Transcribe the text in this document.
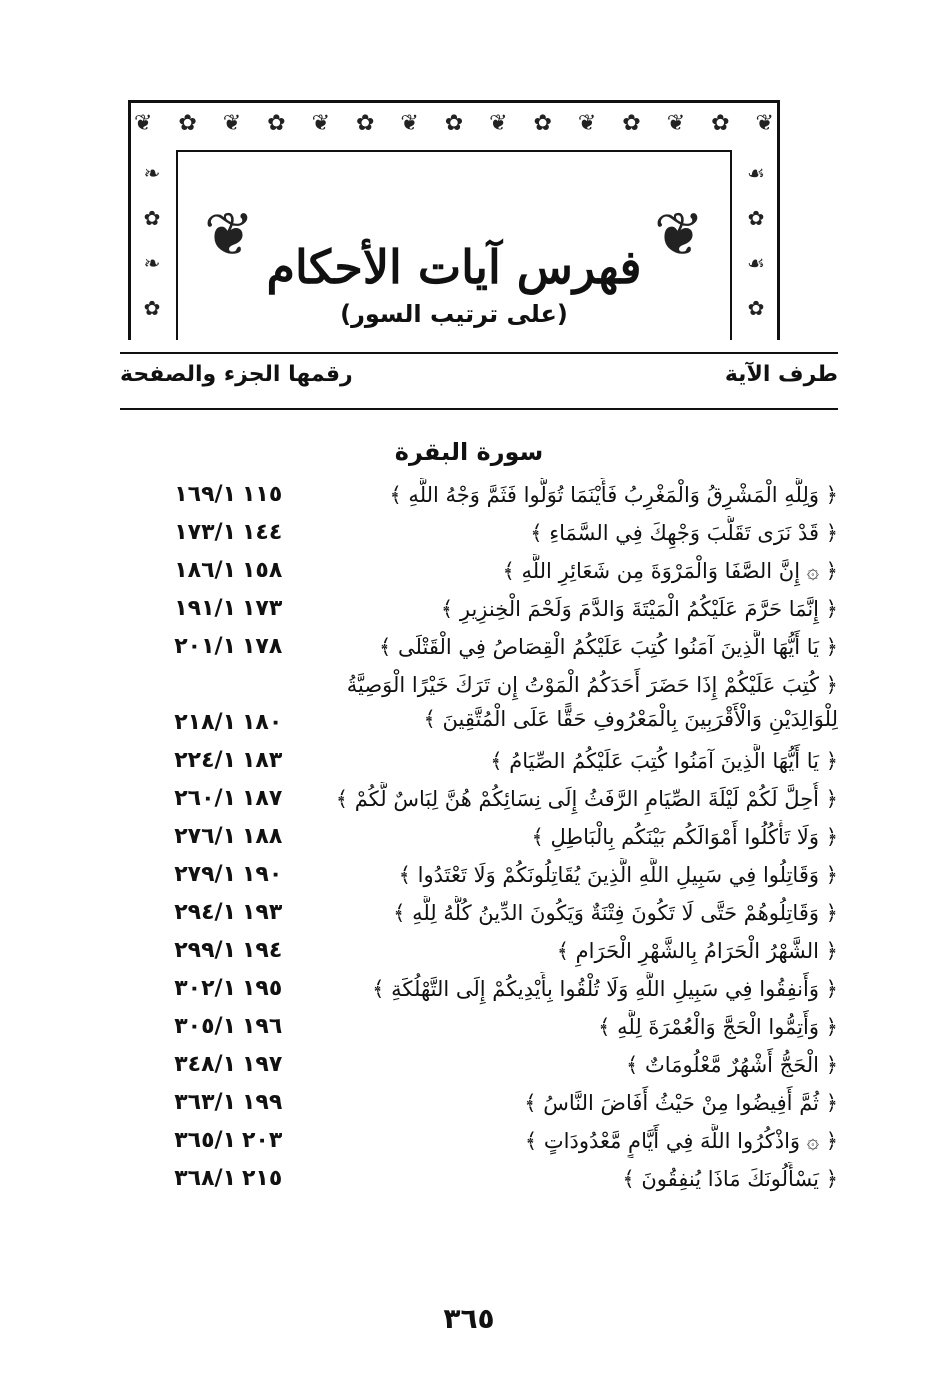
❦ ✿ ❦ ✿ ❦ ✿ ❦ ✿ ❦ ✿ ❦ ✿ ❦ ✿ ❦
❧
✿
❧
✿
☙
✿
☙
✿
❦	❦
فهرس آيات الأحكام
(على ترتيب السور)
طرف الآية
رقمها الجزء والصفحة
سورة البقرة
﴿ وَلِلَّهِ الْمَشْرِقُ وَالْمَغْرِبُ فَأَيْنَمَا تُوَلُّوا فَثَمَّ وَجْهُ اللَّهِ ﴾
١١٥
١٦٩/١
﴿ قَدْ نَرَى تَقَلُّبَ وَجْهِكَ فِي السَّمَاءِ ﴾
١٤٤
١٧٣/١
﴿ ۞ إِنَّ الصَّفَا وَالْمَرْوَةَ مِن شَعَائِرِ اللَّهِ ﴾
١٥٨
١٨٦/١
﴿ إِنَّمَا حَرَّمَ عَلَيْكُمُ الْمَيْتَةَ وَالدَّمَ وَلَحْمَ الْخِنزِيرِ ﴾
١٧٣
١٩١/١
﴿ يَا أَيُّهَا الَّذِينَ آمَنُوا كُتِبَ عَلَيْكُمُ الْقِصَاصُ فِي الْقَتْلَى ﴾
١٧٨
٢٠١/١
﴿ كُتِبَ عَلَيْكُمْ إِذَا حَضَرَ أَحَدَكُمُ الْمَوْتُ إِن تَرَكَ خَيْرًا الْوَصِيَّةُ لِلْوَالِدَيْنِ وَالْأَقْرَبِينَ بِالْمَعْرُوفِ حَقًّا عَلَى الْمُتَّقِينَ ﴾
١٨٠
٢١٨/١
﴿ يَا أَيُّهَا الَّذِينَ آمَنُوا كُتِبَ عَلَيْكُمُ الصِّيَامُ ﴾
١٨٣
٢٢٤/١
﴿ أُحِلَّ لَكُمْ لَيْلَةَ الصِّيَامِ الرَّفَثُ إِلَى نِسَائِكُمْ هُنَّ لِبَاسٌ لَّكُمْ ﴾
١٨٧
٢٦٠/١
﴿ وَلَا تَأْكُلُوا أَمْوَالَكُم بَيْنَكُم بِالْبَاطِلِ ﴾
١٨٨
٢٧٦/١
﴿ وَقَاتِلُوا فِي سَبِيلِ اللَّهِ الَّذِينَ يُقَاتِلُونَكُمْ وَلَا تَعْتَدُوا ﴾
١٩٠
٢٧٩/١
﴿ وَقَاتِلُوهُمْ حَتَّى لَا تَكُونَ فِتْنَةٌ وَيَكُونَ الدِّينُ كُلُّهُ لِلَّهِ ﴾
١٩٣
٢٩٤/١
﴿ الشَّهْرُ الْحَرَامُ بِالشَّهْرِ الْحَرَامِ ﴾
١٩٤
٢٩٩/١
﴿ وَأَنفِقُوا فِي سَبِيلِ اللَّهِ وَلَا تُلْقُوا بِأَيْدِيكُمْ إِلَى التَّهْلُكَةِ ﴾
١٩٥
٣٠٢/١
﴿ وَأَتِمُّوا الْحَجَّ وَالْعُمْرَةَ لِلَّهِ ﴾
١٩٦
٣٠٥/١
﴿ الْحَجُّ أَشْهُرٌ مَّعْلُومَاتٌ ﴾
١٩٧
٣٤٨/١
﴿ ثُمَّ أَفِيضُوا مِنْ حَيْثُ أَفَاضَ النَّاسُ ﴾
١٩٩
٣٦٣/١
﴿ ۞ وَاذْكُرُوا اللَّهَ فِي أَيَّامٍ مَّعْدُودَاتٍ ﴾
٢٠٣
٣٦٥/١
﴿ يَسْأَلُونَكَ مَاذَا يُنفِقُونَ ﴾
٢١٥
٣٦٨/١
٣٦٥
